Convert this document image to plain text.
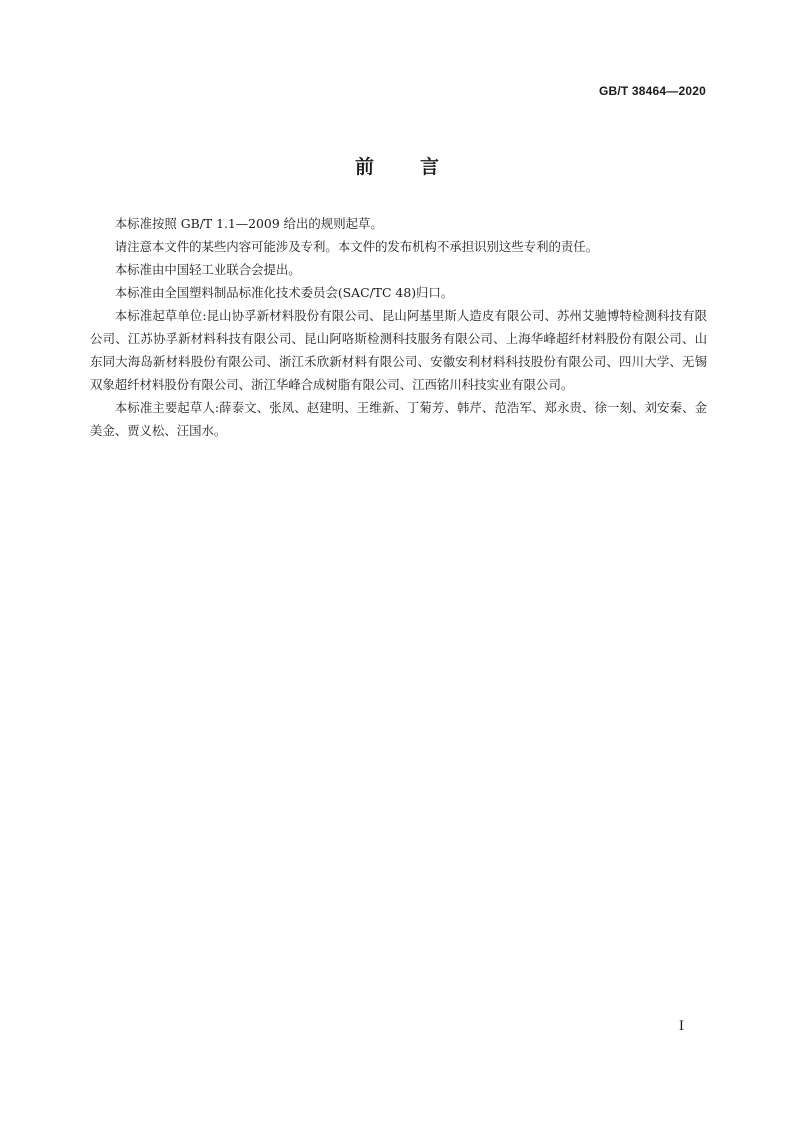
GB/T 38464—2020
前言

本标准按照 GB/T 1.1—2009 给出的规则起草。

请注意本文件的某些内容可能涉及专利。本文件的发布机构不承担识别这些专利的责任。

本标准由中国轻工业联合会提出。

本标准由全国塑料制品标准化技术委员会(SAC/TC 48)归口。

本标准起草单位:昆山协孚新材料股份有限公司、昆山阿基里斯人造皮有限公司、苏州艾驰博特检测科技有限公司、江苏协孚新材料科技有限公司、昆山阿咯斯检测科技服务有限公司、上海华峰超纤材料股份有限公司、山东同大海岛新材料股份有限公司、浙江禾欣新材料有限公司、安徽安利材料科技股份有限公司、四川大学、无锡双象超纤材料股份有限公司、浙江华峰合成树脂有限公司、江西铭川科技实业有限公司。

本标准主要起草人:薛泰文、张凤、赵建明、王维新、丁菊芳、韩芹、范浩军、郑永贵、徐一刻、刘安秦、金美金、贾义松、汪国水。

I
